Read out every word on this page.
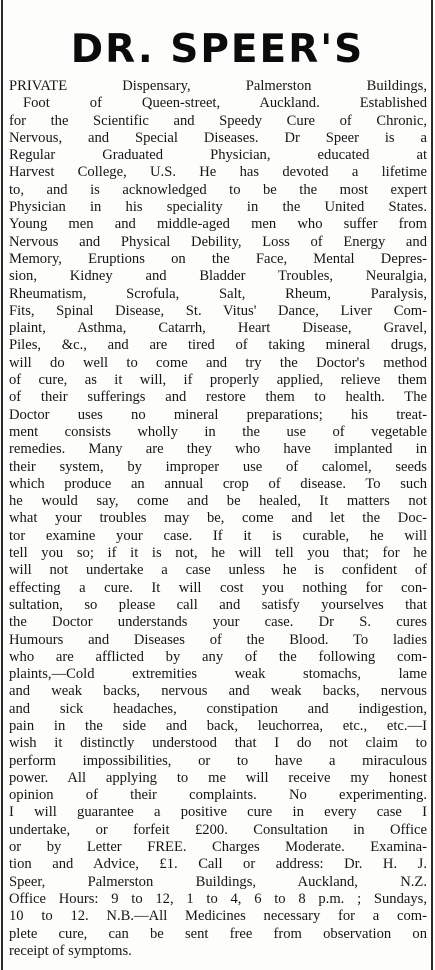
DR. SPEER'S
PRIVATE Dispensary, Palmerston Buildings,
Foot of Queen-street, Auckland. Established
for the Scientific and Speedy Cure of Chronic,
Nervous, and Special Diseases. Dr Speer is a
Regular Graduated Physician, educated at
Harvest College, U.S. He has devoted a lifetime
to, and is acknowledged to be the most expert
Physician in his speciality in the United States.
Young men and middle-aged men who suffer from
Nervous and Physical Debility, Loss of Energy and
Memory, Eruptions on the Face, Mental Depres-
sion, Kidney and Bladder Troubles, Neuralgia,
Rheumatism, Scrofula, Salt, Rheum, Paralysis,
Fits, Spinal Disease, St. Vitus' Dance, Liver Com-
plaint, Asthma, Catarrh, Heart Disease, Gravel,
Piles, &c., and are tired of taking mineral drugs,
will do well to come and try the Doctor's method
of cure, as it will, if properly applied, relieve them
of their sufferings and restore them to health. The
Doctor uses no mineral preparations; his treat-
ment consists wholly in the use of vegetable
remedies. Many are they who have implanted in
their system, by improper use of calomel, seeds
which produce an annual crop of disease. To such
he would say, come and be healed, It matters not
what your troubles may be, come and let the Doc-
tor examine your case. If it is curable, he will
tell you so; if it is not, he will tell you that; for he
will not undertake a case unless he is confident of
effecting a cure. It will cost you nothing for con-
sultation, so please call and satisfy yourselves that
the Doctor understands your case. Dr S. cures
Humours and Diseases of the Blood. To ladies
who are afflicted by any of the following com-
plaints,—Cold extremities weak stomachs, lame
and weak backs, nervous and weak backs, nervous
and sick headaches, constipation and indigestion,
pain in the side and back, leuchorrea, etc., etc.—I
wish it distinctly understood that I do not claim to
perform impossibilities, or to have a miraculous
power. All applying to me will receive my honest
opinion of their complaints. No experimenting.
I will guarantee a positive cure in every case I
undertake, or forfeit £200. Consultation in Office
or by Letter FREE. Charges Moderate. Examina-
tion and Advice, £1. Call or address: Dr. H. J.
Speer, Palmerston Buildings, Auckland, N.Z.
Office Hours: 9 to 12, 1 to 4, 6 to 8 p.m. ; Sundays,
10 to 12. N.B.—All Medicines necessary for a com-
plete cure, can be sent free from observation on
receipt of symptoms.
